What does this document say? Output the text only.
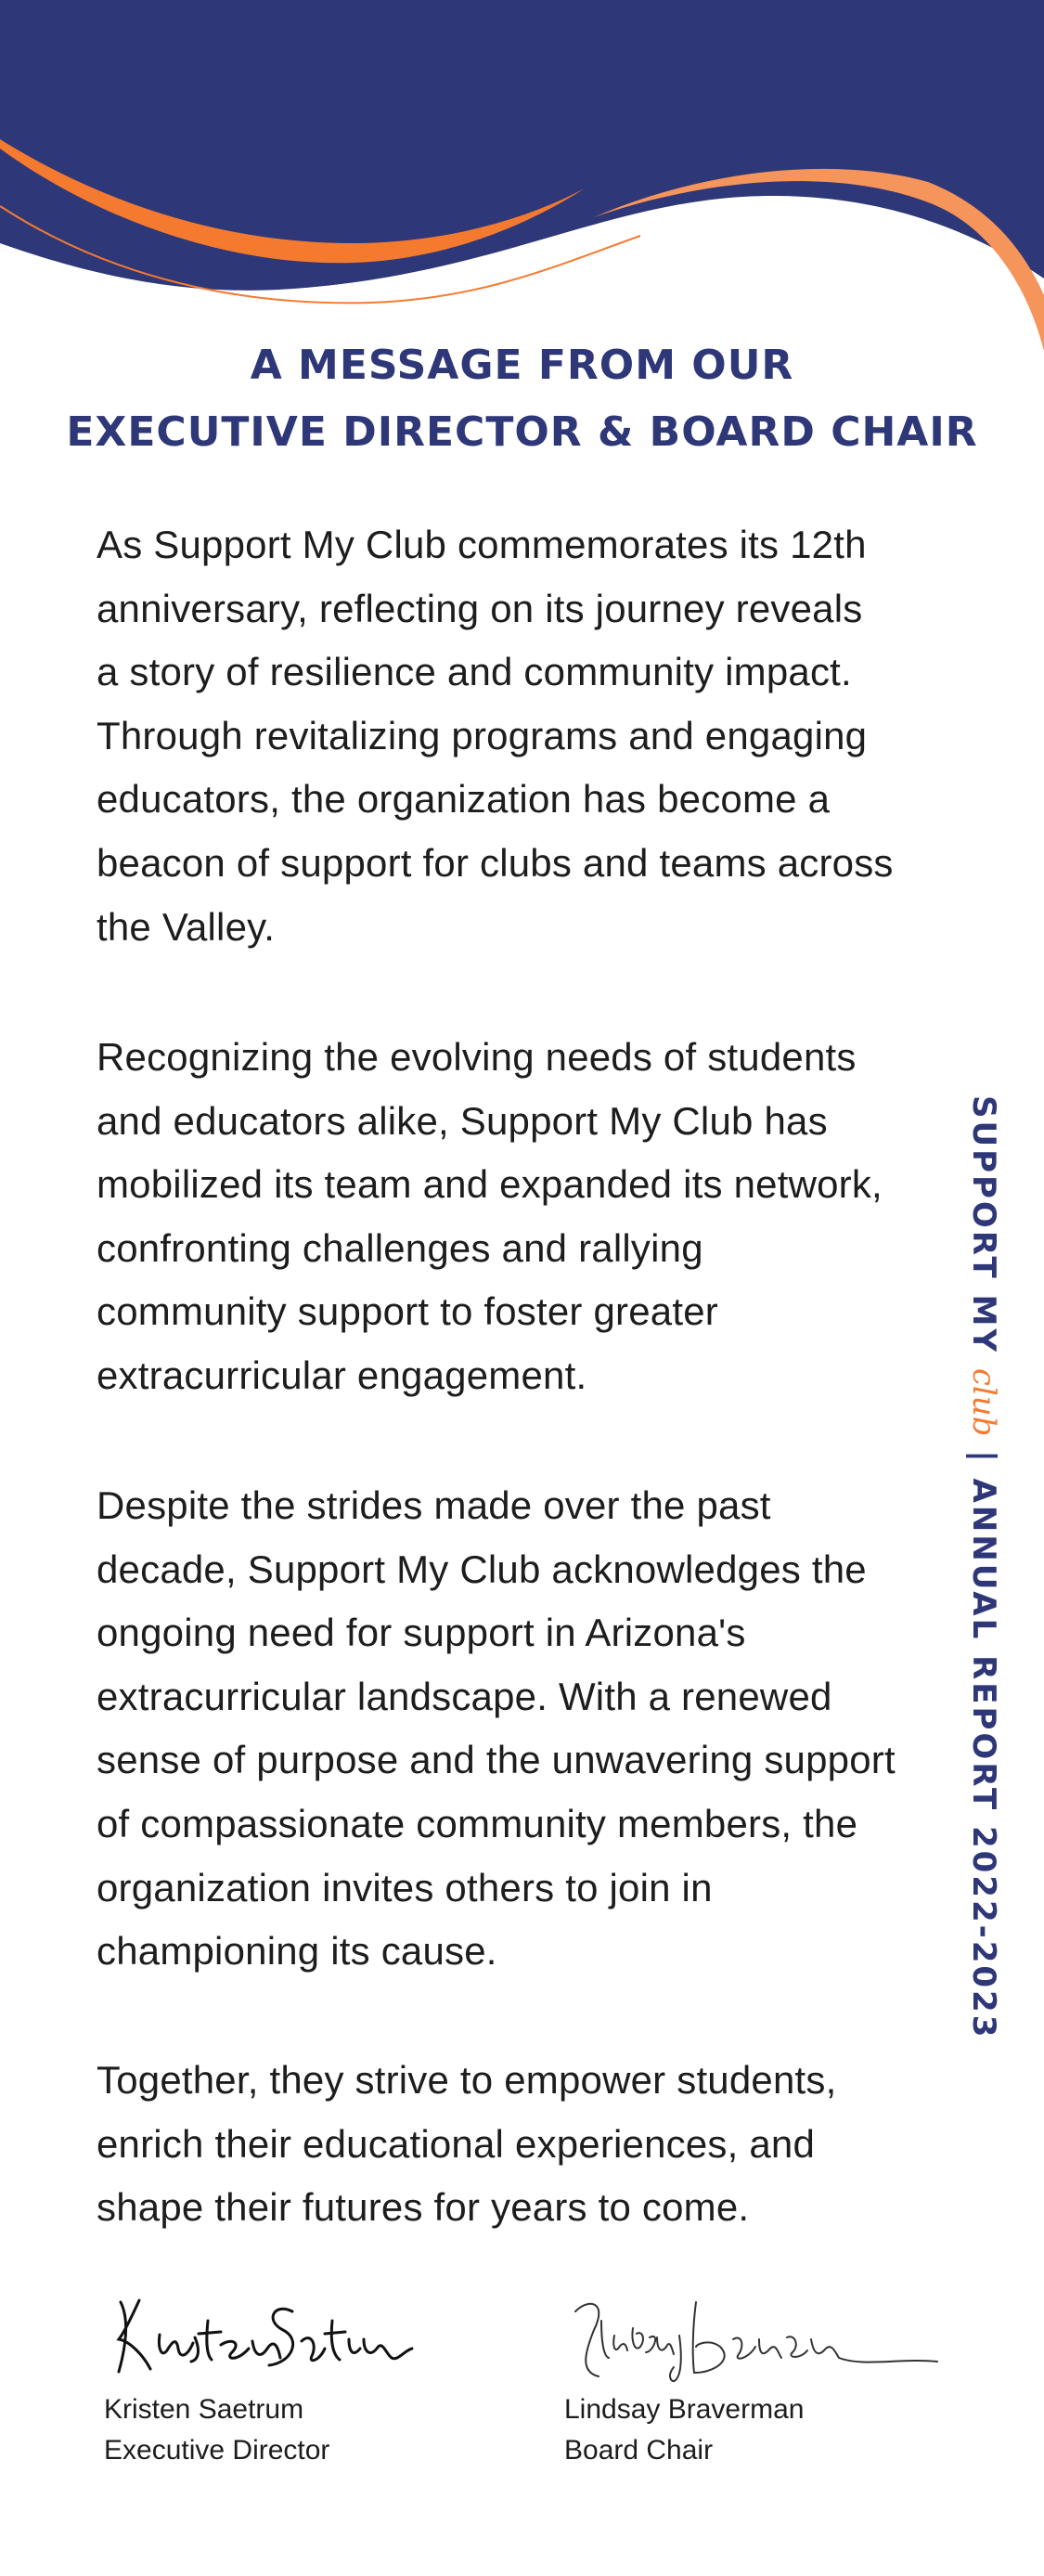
A MESSAGE FROM OUR
EXECUTIVE DIRECTOR & BOARD CHAIR

As Support My Club commemorates its 12th
anniversary, reflecting on its journey reveals
a story of resilience and community impact.
Through revitalizing programs and engaging
educators, the organization has become a
beacon of support for clubs and teams across
the Valley.

Recognizing the evolving needs of students
and educators alike, Support My Club has
mobilized its team and expanded its network,
confronting challenges and rallying
community support to foster greater
extracurricular engagement.

Despite the strides made over the past
decade, Support My Club acknowledges the
ongoing need for support in Arizona's
extracurricular landscape. With a renewed
sense of purpose and the unwavering support
of compassionate community members, the
organization invites others to join in
championing its cause.

Together, they strive to empower students,
enrich their educational experiences, and
shape their futures for years to come.

SUPPORT MY club | ANNUAL REPORT 2022-2023
Kristen Saetrum
Executive Director
Lindsay Braverman
Board Chair
